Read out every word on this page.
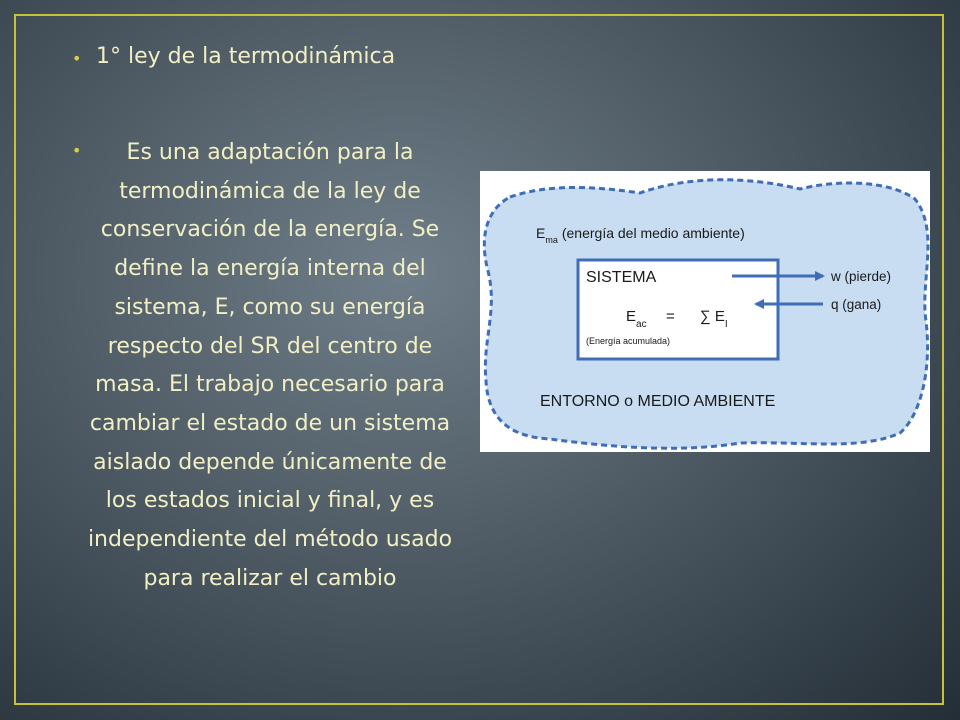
• 1° ley de la termodinámica
•	Es una adaptación para la
termodinámica de la ley de
conservación de la energía. Se
define la energía interna del
sistema, E, como su energía
respecto del SR del centro de
masa. El trabajo necesario para
cambiar el estado de un sistema
aislado depende únicamente de
los estados inicial y final, y es
independiente del método usado
para realizar el cambio
$E_{ma}$ (energía del medio ambiente)
SISTEMA
$E_{ac}$ = ∑ $E_I$
(Energía acumulada)
w (pierde)
q (gana)
ENTORNO o MEDIO AMBIENTE
